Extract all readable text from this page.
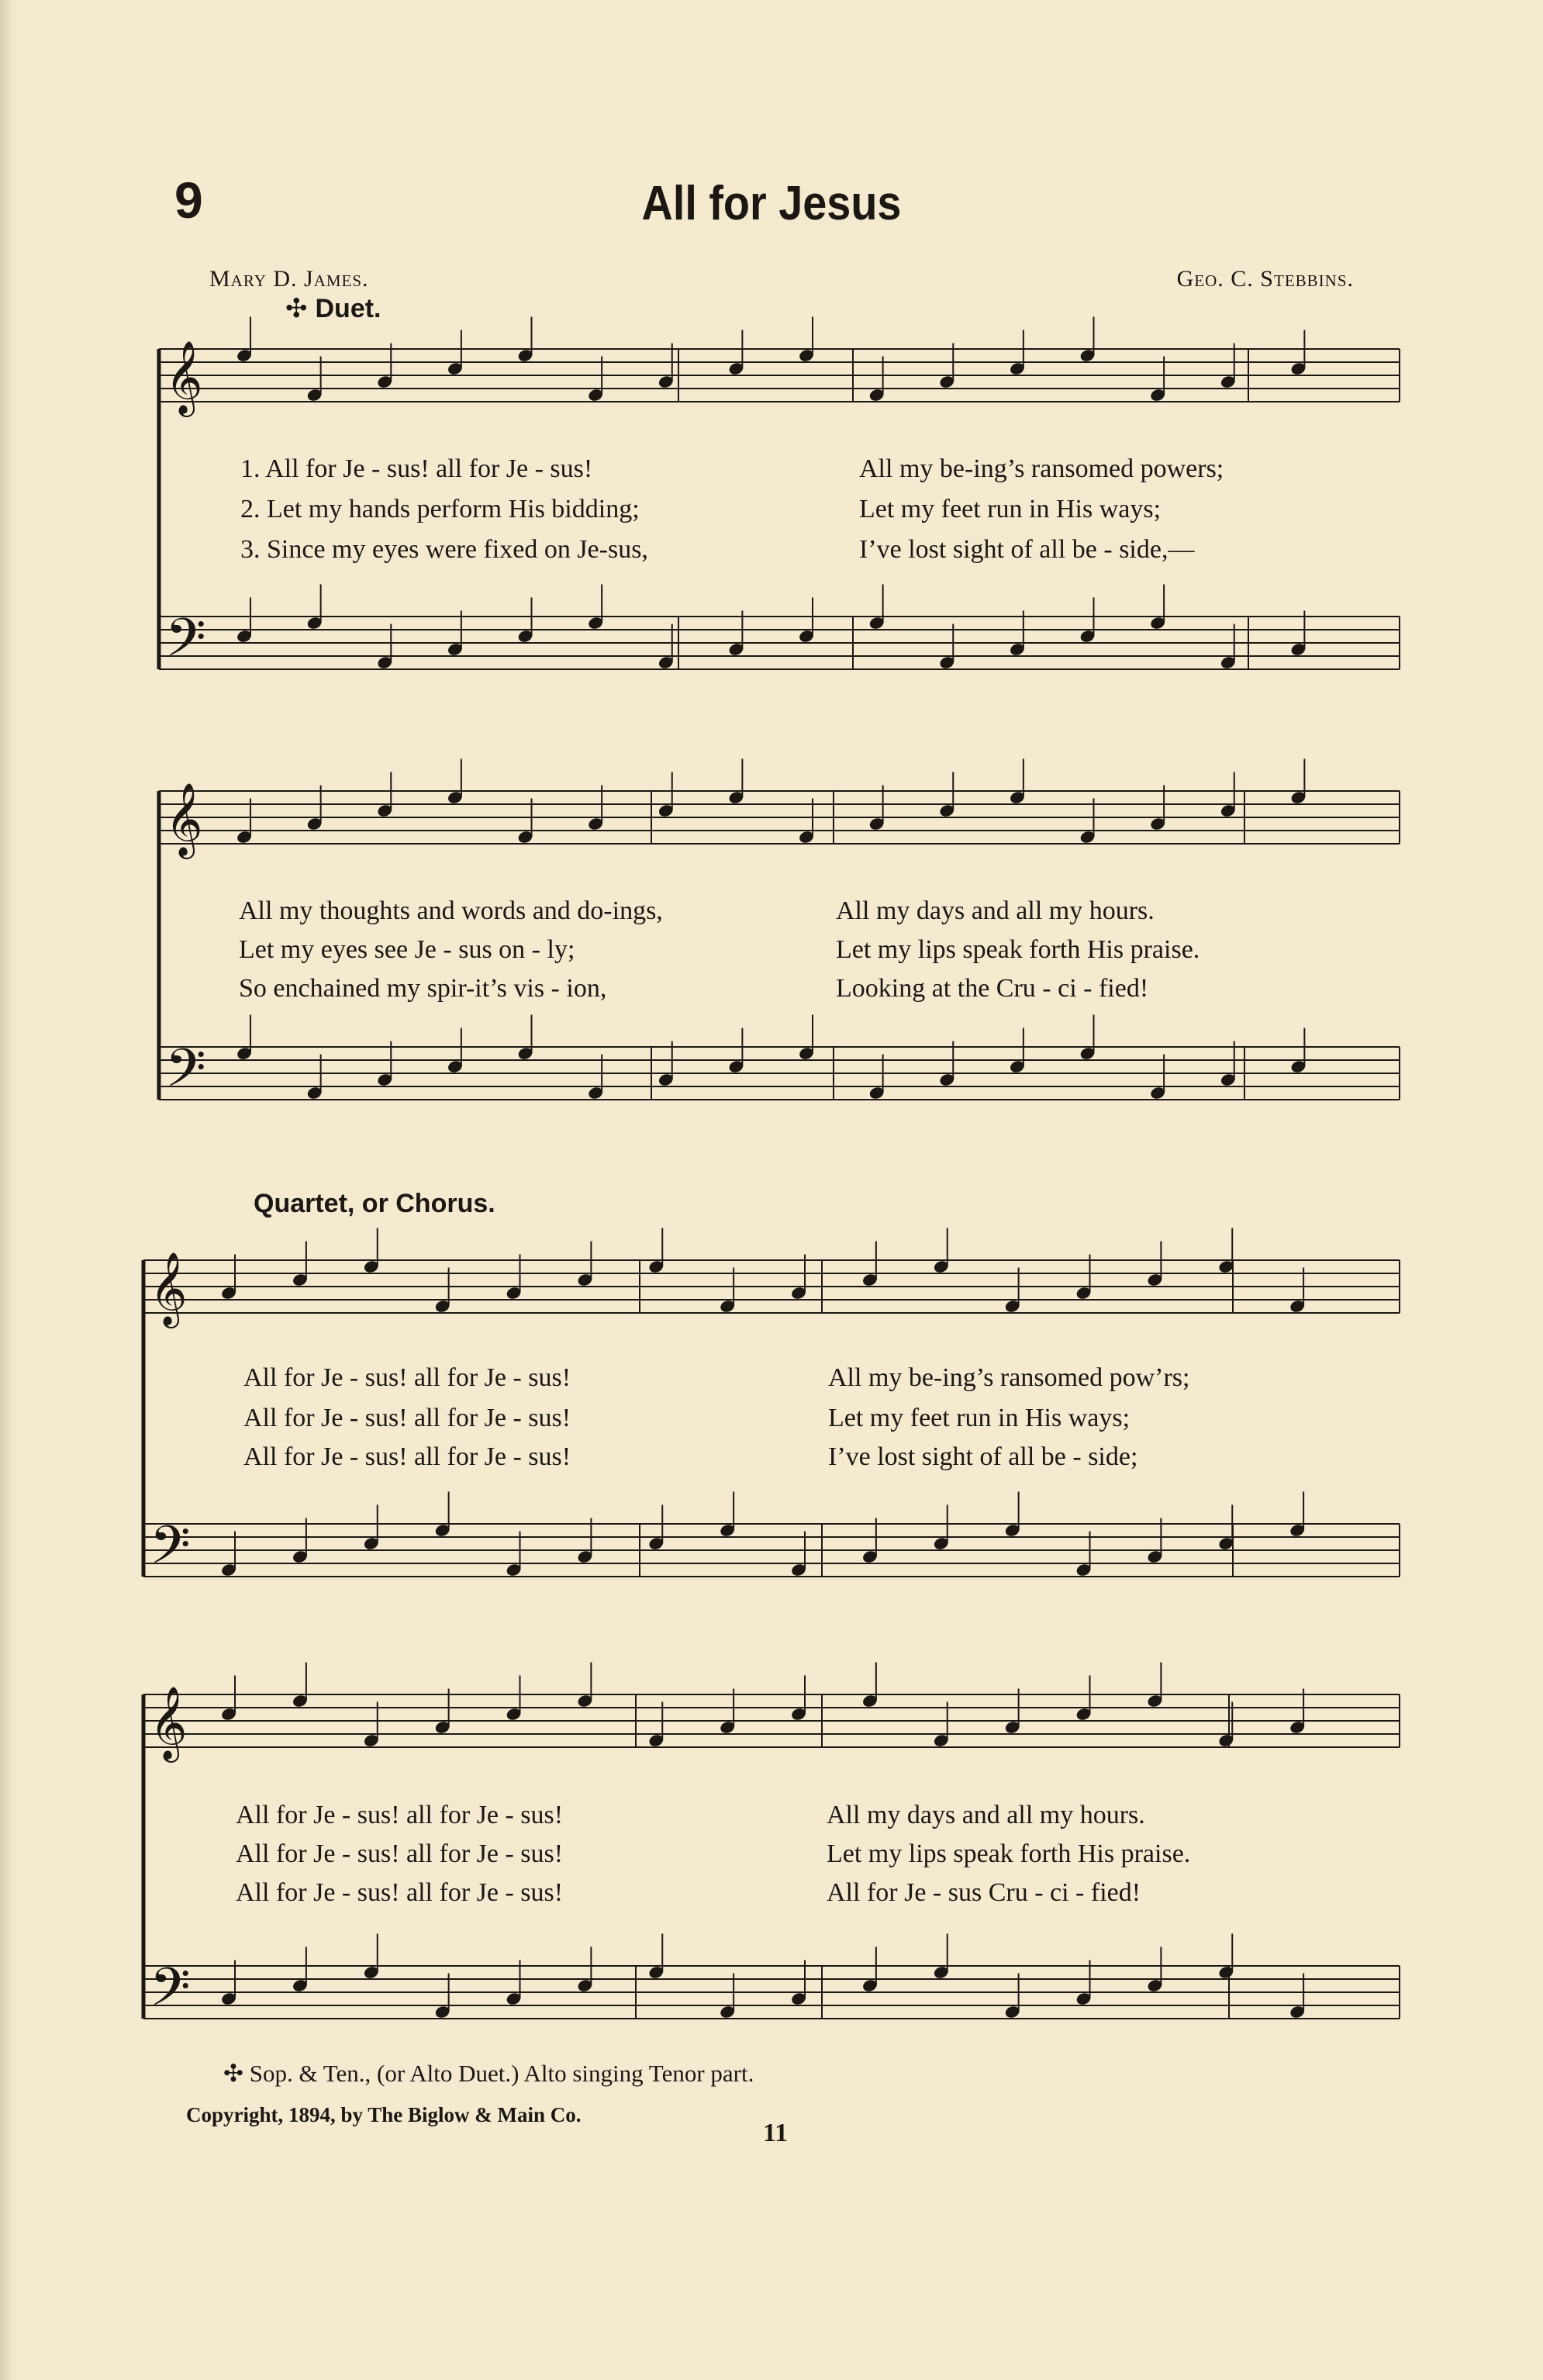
9	All for Jesus
Mary D. James.	Geo. C. Stebbins.
✣ Duet.
Quartet, or Chorus.
𝄞
𝄢
𝄞
𝄢
𝄞
𝄢
𝄞
𝄢
1. All for Je - sus! all for Je - sus!	All my be-ing’s ransomed powers;
2. Let my hands perform His bidding;	Let my feet run in His ways;
3. Since my eyes were fixed on Je-sus,	I’ve lost sight of all be - side,—
All my thoughts and words and do-ings,	All my days and all my hours.
Let my eyes see Je - sus on - ly;	Let my lips speak forth His praise.
So enchained my spir-it’s vis - ion,	Looking at the Cru - ci - fied!
All for Je - sus! all for Je - sus!	All my be-ing’s ransomed pow’rs;
All for Je - sus! all for Je - sus!	Let my feet run in His ways;
All for Je - sus! all for Je - sus!	I’ve lost sight of all be - side;
All for Je - sus! all for Je - sus!	All my days and all my hours.
All for Je - sus! all for Je - sus!	Let my lips speak forth His praise.
All for Je - sus! all for Je - sus!	All for Je - sus Cru - ci - fied!
✣ Sop. & Ten., (or Alto Duet.) Alto singing Tenor part.
Copyright, 1894, by The Biglow & Main Co.
11
